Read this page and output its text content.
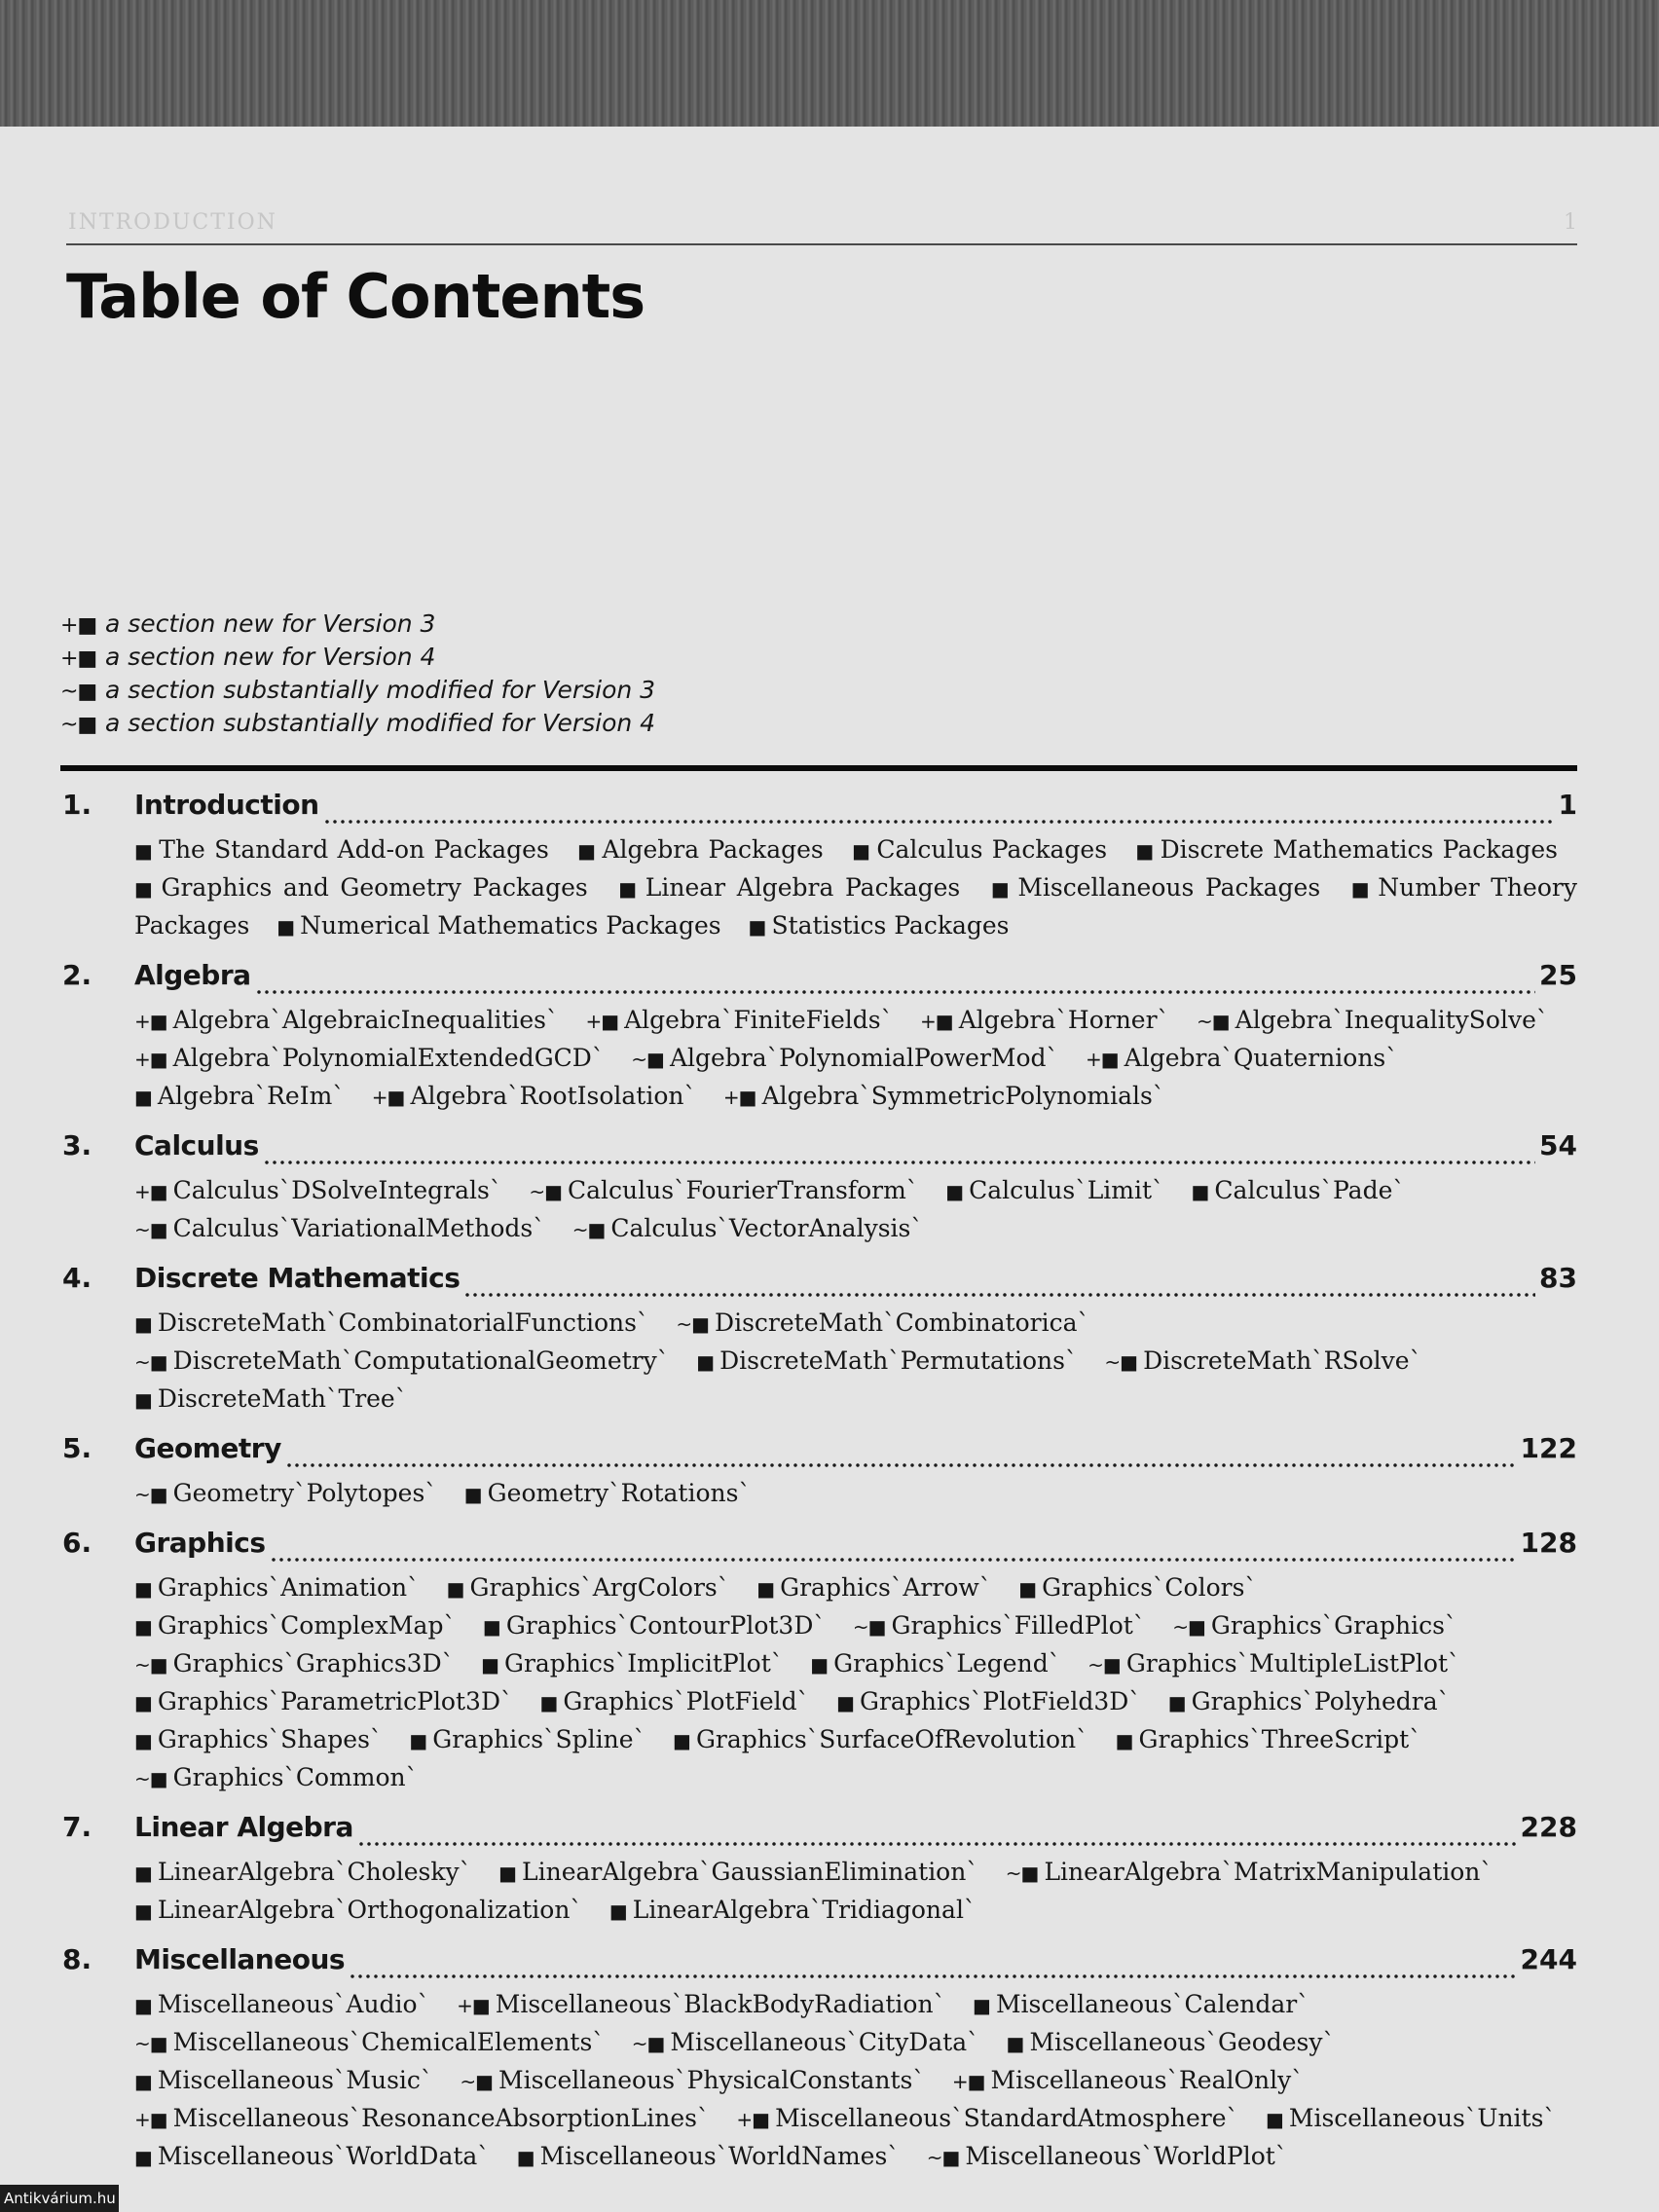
INTRODUCTION	1
Table of Contents
+■ a section new for Version 3
+■ a section new for Version 4
~■ a section substantially modified for Version 3
~■ a section substantially modified for Version 4
1.	Introduction	1
■ The Standard Add-on Packages ■ Algebra Packages ■ Calculus Packages ■ Discrete Mathematics Packages ■ Graphics and Geometry Packages ■ Linear Algebra Packages ■ Miscellaneous Packages ■ Number Theory Packages ■ Numerical Mathematics Packages ■ Statistics Packages
2.	Algebra	25
+■ Algebra`AlgebraicInequalities` +■ Algebra`FiniteFields` +■ Algebra`Horner` ~■ Algebra`InequalitySolve` +■ Algebra`PolynomialExtendedGCD` ~■ Algebra`PolynomialPowerMod` +■ Algebra`Quaternions` ■ Algebra`ReIm` +■ Algebra`RootIsolation` +■ Algebra`SymmetricPolynomials`
3.	Calculus	54
+■ Calculus`DSolveIntegrals` ~■ Calculus`FourierTransform` ■ Calculus`Limit` ■ Calculus`Pade` ~■ Calculus`VariationalMethods` ~■ Calculus`VectorAnalysis`
4.	Discrete Mathematics	83
■ DiscreteMath`CombinatorialFunctions` ~■ DiscreteMath`Combinatorica` ~■ DiscreteMath`ComputationalGeometry` ■ DiscreteMath`Permutations` ~■ DiscreteMath`RSolve` ■ DiscreteMath`Tree`
5.	Geometry	122
~■ Geometry`Polytopes` ■ Geometry`Rotations`
6.	Graphics	128
■ Graphics`Animation` ■ Graphics`ArgColors` ■ Graphics`Arrow` ■ Graphics`Colors` ■ Graphics`ComplexMap` ■ Graphics`ContourPlot3D` ~■ Graphics`FilledPlot` ~■ Graphics`Graphics` ~■ Graphics`Graphics3D` ■ Graphics`ImplicitPlot` ■ Graphics`Legend` ~■ Graphics`MultipleListPlot` ■ Graphics`ParametricPlot3D` ■ Graphics`PlotField` ■ Graphics`PlotField3D` ■ Graphics`Polyhedra` ■ Graphics`Shapes` ■ Graphics`Spline` ■ Graphics`SurfaceOfRevolution` ■ Graphics`ThreeScript` ~■ Graphics`Common`
7.	Linear Algebra	228
■ LinearAlgebra`Cholesky` ■ LinearAlgebra`GaussianElimination` ~■ LinearAlgebra`MatrixManipulation` ■ LinearAlgebra`Orthogonalization` ■ LinearAlgebra`Tridiagonal`
8.	Miscellaneous	244
■ Miscellaneous`Audio` +■ Miscellaneous`BlackBodyRadiation` ■ Miscellaneous`Calendar` ~■ Miscellaneous`ChemicalElements` ~■ Miscellaneous`CityData` ■ Miscellaneous`Geodesy` ■ Miscellaneous`Music` ~■ Miscellaneous`PhysicalConstants` +■ Miscellaneous`RealOnly` +■ Miscellaneous`ResonanceAbsorptionLines` +■ Miscellaneous`StandardAtmosphere` ■ Miscellaneous`Units` ■ Miscellaneous`WorldData` ■ Miscellaneous`WorldNames` ~■ Miscellaneous`WorldPlot`
Antikvárium.hu
